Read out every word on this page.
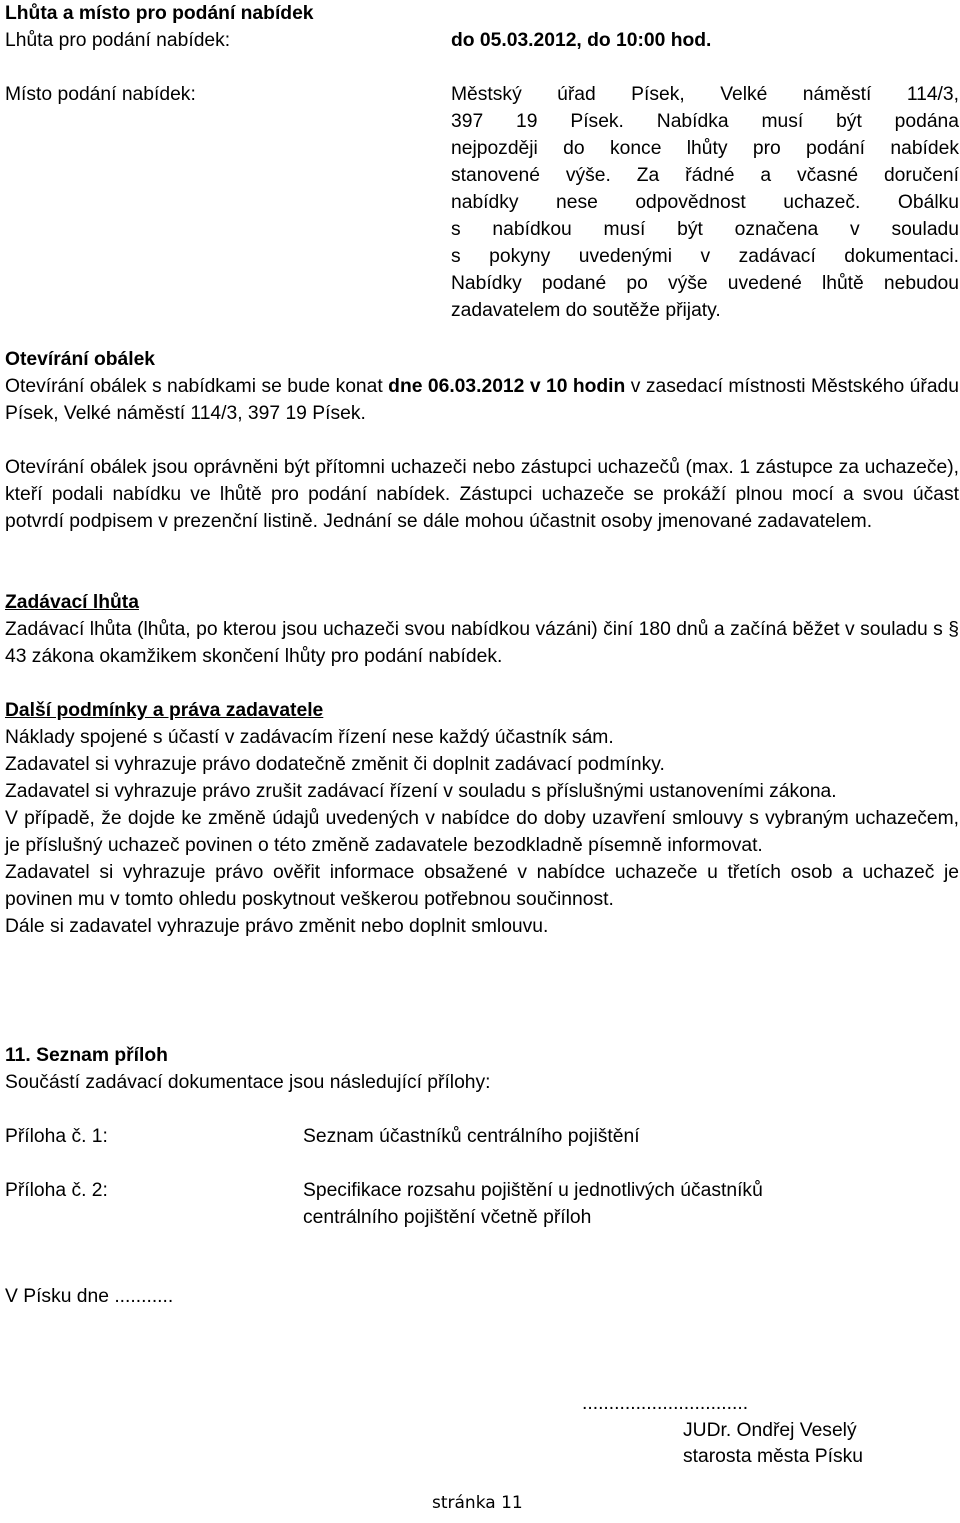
Lhůta a místo pro podání nabídek
Lhůta pro podání nabídek:	do 05.03.2012, do 10:00 hod.
Místo podání nabídek:	Městský úřad Písek, Velké náměstí 114/3,
397 19 Písek. Nabídka musí být podána
nejpozději do konce lhůty pro podání nabídek
stanovené výše. Za řádné a včasné doručení
nabídky nese odpovědnost uchazeč. Obálku
s nabídkou musí být označena v souladu
s pokyny uvedenými v zadávací dokumentaci.
Nabídky podané po výše uvedené lhůtě nebudou
zadavatelem do soutěže přijaty.
Otevírání obálek

Otevírání obálek s nabídkami se bude konat dne 06.03.2012 v 10 hodin v zasedací místnosti Městského úřadu Písek, Velké náměstí 114/3, 397 19 Písek.

Otevírání obálek jsou oprávněni být přítomni uchazeči nebo zástupci uchazečů (max. 1 zástupce za uchazeče), kteří podali nabídku ve lhůtě pro podání nabídek. Zástupci uchazeče se prokáží plnou mocí a svou účast potvrdí podpisem v prezenční listině. Jednání se dále mohou účastnit osoby jmenované zadavatelem.

Zadávací lhůta

Zadávací lhůta (lhůta, po kterou jsou uchazeči svou nabídkou vázáni) činí 180 dnů a začíná běžet v souladu s § 43 zákona okamžikem skončení lhůty pro podání nabídek.

Další podmínky a práva zadavatele

Náklady spojené s účastí v zadávacím řízení nese každý účastník sám.

Zadavatel si vyhrazuje právo dodatečně změnit či doplnit zadávací podmínky.

Zadavatel si vyhrazuje právo zrušit zadávací řízení v souladu s příslušnými ustanoveními zákona.

V případě, že dojde ke změně údajů uvedených v nabídce do doby uzavření smlouvy s vybraným uchazečem, je příslušný uchazeč povinen o této změně zadavatele bezodkladně písemně informovat.

Zadavatel si vyhrazuje právo ověřit informace obsažené v nabídce uchazeče u třetích osob a uchazeč je povinen mu v tomto ohledu poskytnout veškerou potřebnou součinnost.

Dále si zadavatel vyhrazuje právo změnit nebo doplnit smlouvu.

11. Seznam příloh
Součástí zadávací dokumentace jsou následující přílohy:
Příloha č. 1:	Seznam účastníků centrálního pojištění
Příloha č. 2:	Specifikace rozsahu pojištění u jednotlivých účastníků
centrálního pojištění včetně příloh
V Písku dne ...........
...............................
JUDr. Ondřej Veselý
starosta města Písku
stránka 11
